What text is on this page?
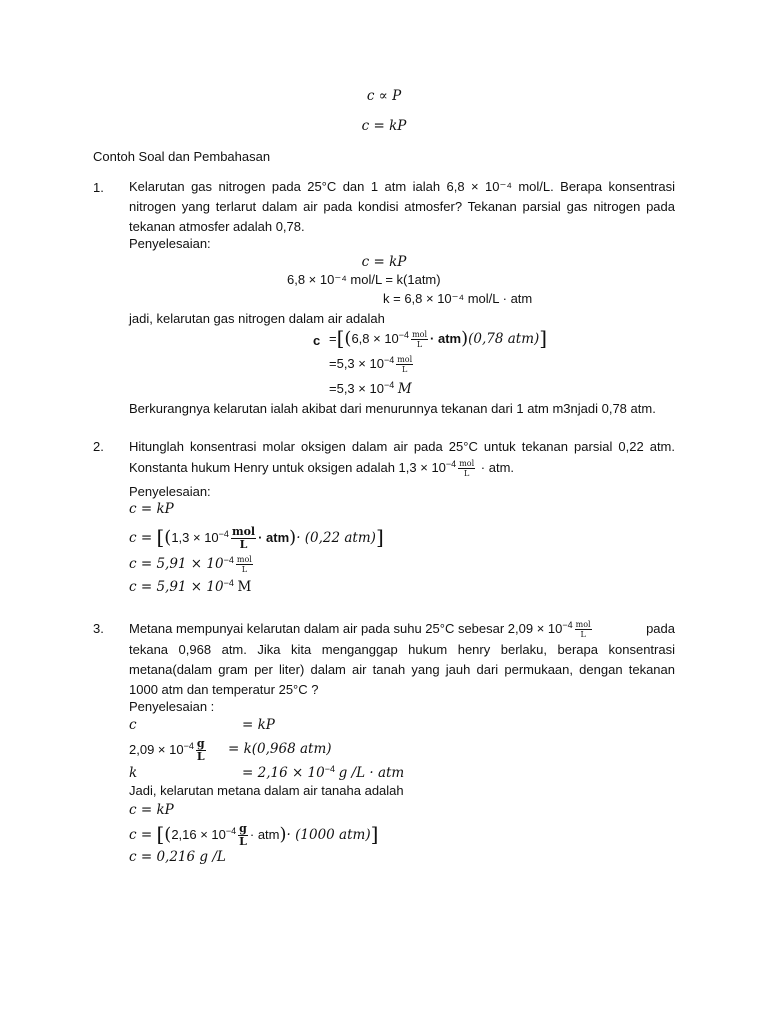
c ∝ P
c = kP
Contoh Soal dan Pembahasan
1. Kelarutan gas nitrogen pada 25°C dan 1 atm ialah 6,8 × 10⁻⁴ mol/L. Berapa konsentrasi nitrogen yang terlarut dalam air pada kondisi atmosfer? Tekanan parsial gas nitrogen pada tekanan atmosfer adalah 0,78.
Penyelesaian:
c = kP
6,8 × 10⁻⁴ mol/L = k(1atm)
k = 6,8 × 10⁻⁴ mol/L · atm
jadi, kelarutan gas nitrogen dalam air adalah
$c =[(6,8 \times 10^{-4} \frac{\text{mol}}{L} \cdot atm)(0,78$ atm)]
$=5,3 \times 10^{-4} \frac{\text{mol}}{L}$
$=5,3 \times 10^{-4}$ M
Berkurangnya kelarutan ialah akibat dari menurunnya tekanan dari 1 atm m3njadi 0,78 atm.
2. Hitunglah konsentrasi molar oksigen dalam air pada 25°C untuk tekanan parsial 0,22 atm.
Konstanta hukum Henry untuk oksigen adalah $1,3 \times 10^{-4} \frac{\text{mol}}{L}$ · atm.
Penyelesaian:
c = kP
$c = [(1,3 \times 10^{-4} \frac{\text{mol}}{L} \cdot atm)\cdot (0,22$ atm)]
$c = 5,91 \times 10^{-4} \frac{\text{mol}}{L}$
$c = 5,91 \times 10^{-4}$ M
3. Metana mempunyai kelarutan dalam air pada suhu 25°C sebesar $2,09 \times 10^{-4} \frac{\text{mol}}{L}$	pada
tekana 0,968 atm. Jika kita menganggap hukum henry berlaku, berapa konsentrasi metana(dalam gram per liter) dalam air tanah yang jauh dari permukaan, dengan tekanan 1000 atm dan temperatur 25°C ?
Penyelesaian :
c	= kP
$2,09 \times 10^{-4} \frac{g}{L} = k(0,968$ atm)
k	= $2,16 \times 10^{-4}$ g /L · atm
Jadi, kelarutan metana dalam air tanaha adalah
c = kP
$c = [(2,16 \times 10^{-4} \frac{g}{L} \cdot atm)\cdot (1000$ atm)]
c = 0,216 g /L
